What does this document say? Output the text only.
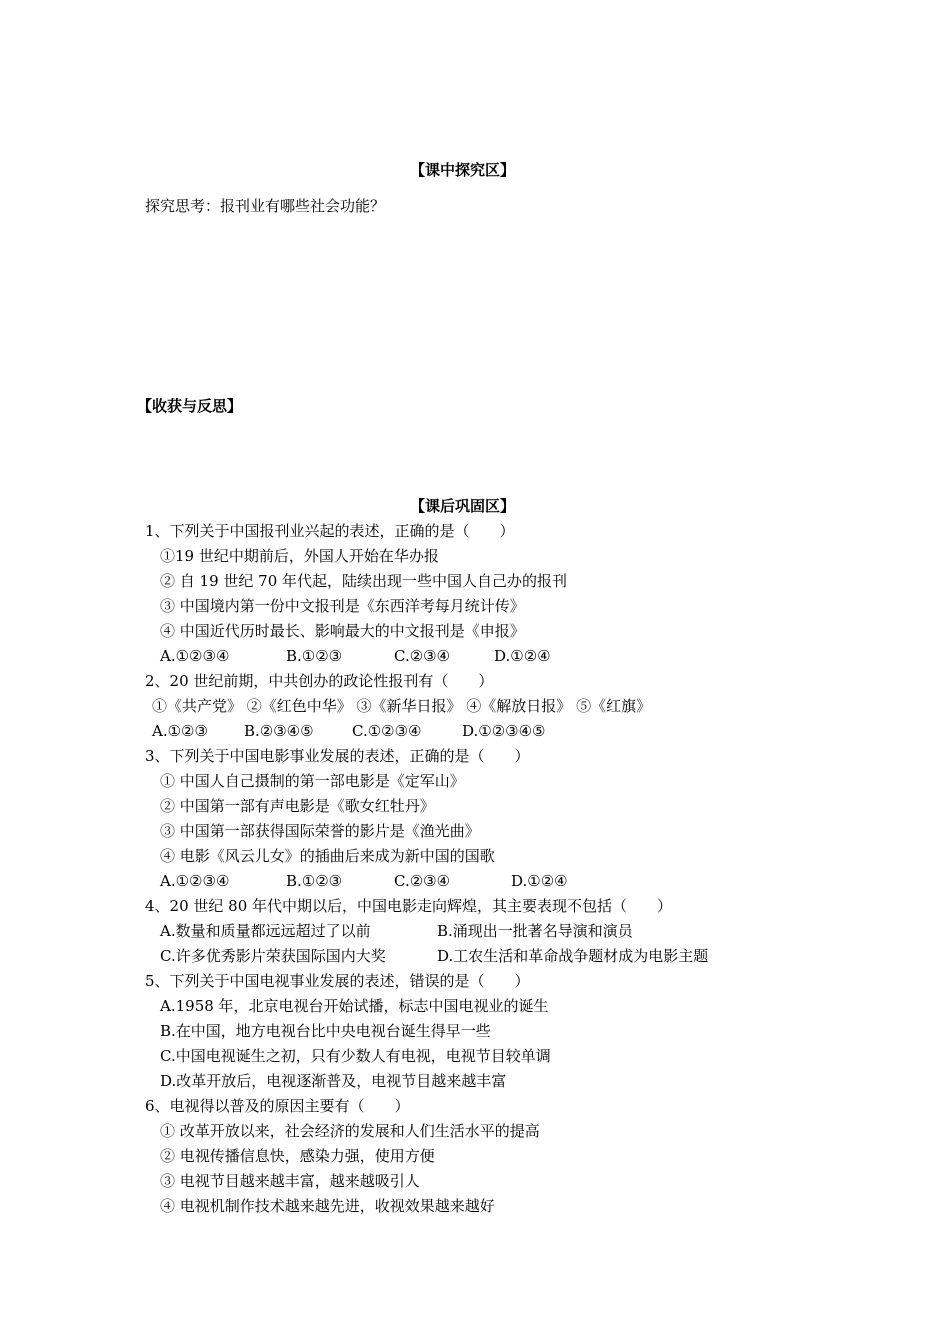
【课中探究区】
探究思考：报刊业有哪些社会功能？
【收获与反思】
【课后巩固区】
1、下列关于中国报刊业兴起的表述，正确的是（　　）
①19 世纪中期前后，外国人开始在华办报
② 自 19 世纪 70 年代起，陆续出现一些中国人自己办的报刊
③ 中国境内第一份中文报刊是《东西洋考每月统计传》
④ 中国近代历时最长、影响最大的中文报刊是《申报》
A.①②③④	B.①②③	C.②③④	D.①②④
2、20 世纪前期，中共创办的政论性报刊有（　　）
①《共产党》 ②《红色中华》 ③《新华日报》 ④《解放日报》 ⑤《红旗》
A.①②③ B.②③④⑤	C.①②③④	D.①②③④⑤
3、下列关于中国电影事业发展的表述，正确的是（　　）
① 中国人自己摄制的第一部电影是《定军山》
② 中国第一部有声电影是《歌女红牡丹》
③ 中国第一部获得国际荣誉的影片是《渔光曲》
④ 电影《风云儿女》的插曲后来成为新中国的国歌
A.①②③④	B.①②③	C.②③④	D.①②④
4、20 世纪 80 年代中期以后，中国电影走向辉煌，其主要表现不包括（　　）
A.数量和质量都远远超过了以前	B.涌现出一批著名导演和演员
C.许多优秀影片荣获国际国内大奖	D.工农生活和革命战争题材成为电影主题
5、下列关于中国电视事业发展的表述，错误的是（　　）
A.1958 年，北京电视台开始试播，标志中国电视业的诞生
B.在中国，地方电视台比中央电视台诞生得早一些
C.中国电视诞生之初，只有少数人有电视，电视节目较单调
D.改革开放后，电视逐渐普及，电视节目越来越丰富
6、电视得以普及的原因主要有（　　）
① 改革开放以来，社会经济的发展和人们生活水平的提高
② 电视传播信息快，感染力强，使用方便
③ 电视节目越来越丰富，越来越吸引人
④ 电视机制作技术越来越先进，收视效果越来越好
